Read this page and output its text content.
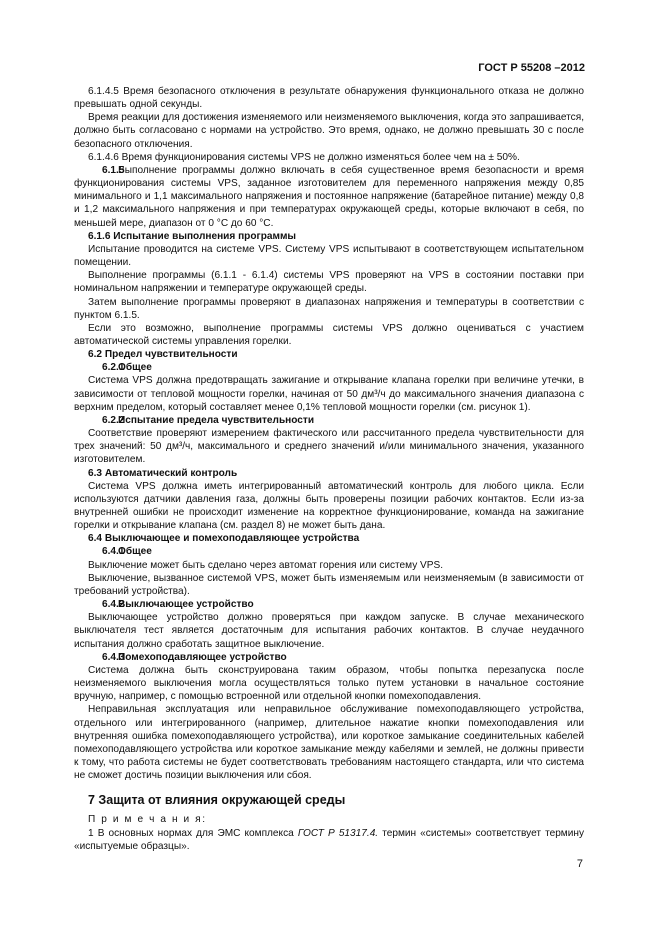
ГОСТ Р 55208 –2012

6.1.4.5 Время безопасного отключения в результате обнаружения функционального отказа не должно превышать одной секунды.

Время реакции для достижения изменяемого или неизменяемого выключения, когда это запрашивается, должно быть согласовано с нормами на устройство. Это время, однако, не должно превышать 30 с после безопасного отключения.

6.1.4.6 Время функционирования системы VPS не должно изменяться более чем на ± 50%.

6.1.5Выполнение программы должно включать в себя существенное время безопасности и время функционирования системы VPS, заданное изготовителем для переменного напряжения между 0,85 минимального и 1,1 максимального напряжения и постоянное напряжение (батарейное питание) между 0,8 и 1,2 максимального напряжения и при температурах окружающей среды, которые включают в себя, по меньшей мере, диапазон от 0 °С до 60 °С.

6.1.6 Испытание выполнения программы

Испытание проводится на системе VPS. Систему VPS испытывают в соответствующем испытательном помещении.

Выполнение программы (6.1.1 - 6.1.4) системы VPS проверяют на VPS в состоянии поставки при номинальном напряжении и температуре окружающей среды.

Затем выполнение программы проверяют в диапазонах напряжения и температуры в соответствии с пунктом 6.1.5.

Если это возможно, выполнение программы системы VPS должно оцениваться с участием автоматической системы управления горелки.

6.2 Предел чувствительности

6.2.1Общее

Система VPS должна предотвращать зажигание и открывание клапана горелки при величине утечки, в зависимости от тепловой мощности горелки, начиная от 50 дм³/ч до максимального значения диапазона с верхним пределом, который составляет менее 0,1% тепловой мощности горелки (см. рисунок 1).

6.2.2Испытание предела чувствительности

Соответствие проверяют измерением фактического или рассчитанного предела чувствительности для трех значений: 50 дм³/ч, максимального и среднего значений и/или минимального значения, указанного изготовителем.

6.3 Автоматический контроль

Система VPS должна иметь интегрированный автоматический контроль для любого цикла. Если используются датчики давления газа, должны быть проверены позиции рабочих контактов. Если из-за внутренней ошибки не происходит изменение на корректное функционирование, команда на зажигание горелки и открывание клапана (см. раздел 8) не может быть дана.

6.4 Выключающее и помехоподавляющее устройства

6.4.1Общее

Выключение может быть сделано через автомат горения или систему VPS.

Выключение, вызванное системой VPS, может быть изменяемым или неизменяемым (в зависимости от требований устройства).

6.4.2Выключающее устройство

Выключающее устройство должно проверяться при каждом запуске. В случае механического выключателя тест является достаточным для испытания рабочих контактов. В случае неудачного испытания должно сработать защитное выключение.

6.4.3Помехоподавляющее устройство

Система должна быть сконструирована таким образом, чтобы попытка перезапуска после неизменяемого выключения могла осуществляться только путем установки в начальное состояние вручную, например, с помощью встроенной или отдельной кнопки помехоподавления.

Неправильная эксплуатация или неправильное обслуживание помехоподавляющего устройства, отдельного или интегрированного (например, длительное нажатие кнопки помехоподавления или внутренняя ошибка помехоподавляющего устройства), или короткое замыкание соединительных кабелей помехоподавляющего устройства или короткое замыкание между кабелями и землей, не должны привести к тому, что работа системы не будет соответствовать требованиям настоящего стандарта, или что система не сможет достичь позиции выключения или сбоя.

7 Защита от влияния окружающей среды

П р и м е ч а н и я:

1 В основных нормах для ЭМС комплекса ГОСТ Р 51317.4. термин «системы» соответствует термину «испытуемые образцы».

7
